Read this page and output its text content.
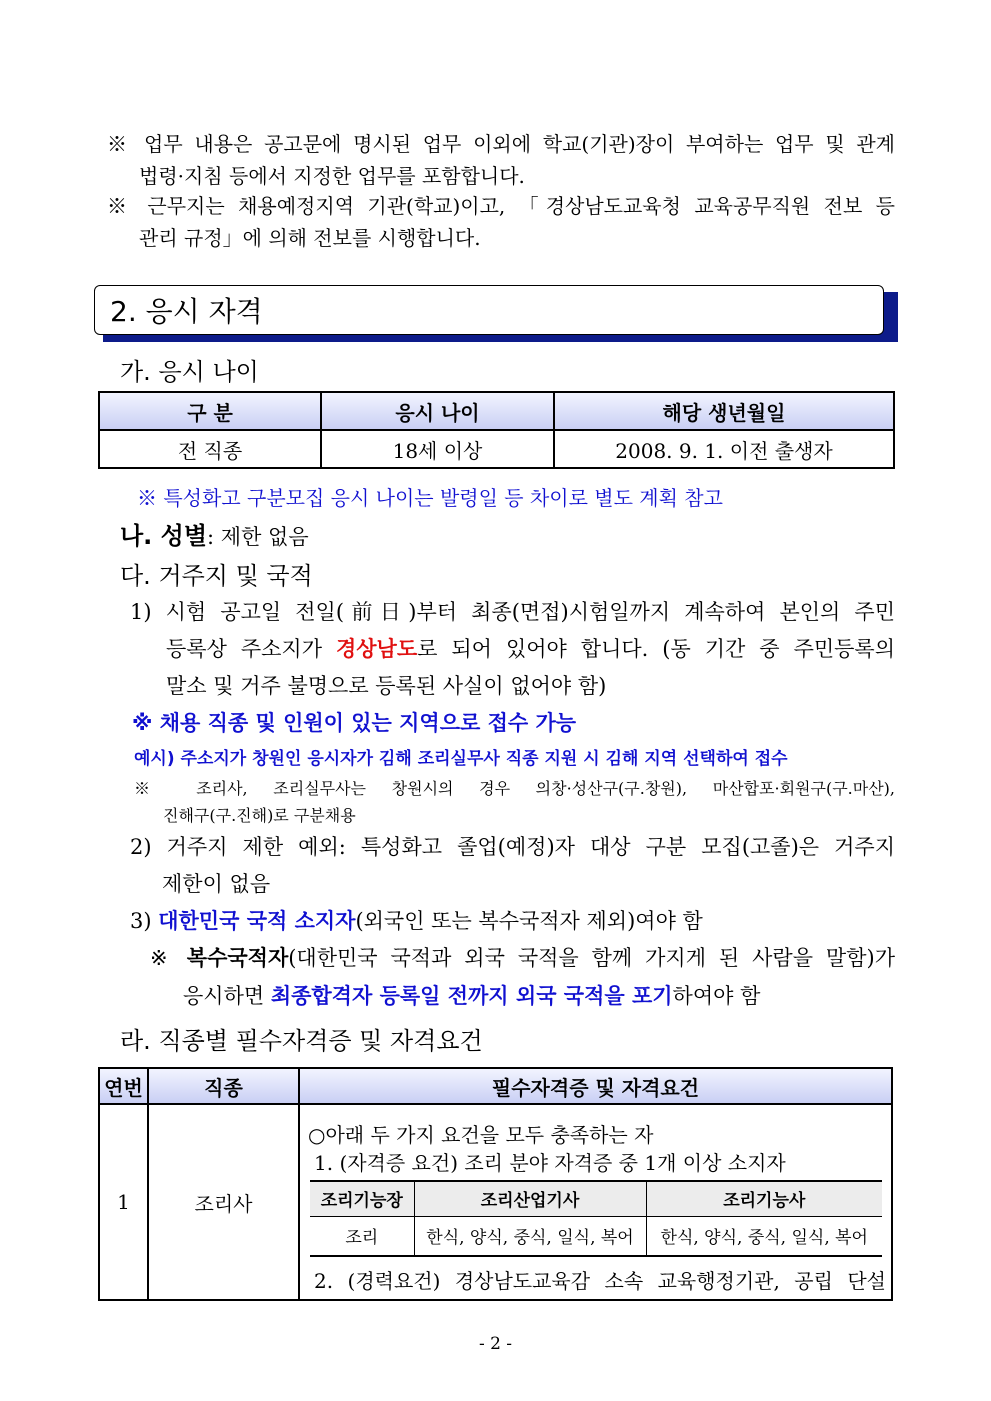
※ 업무 내용은 공고문에 명시된 업무 이외에 학교(기관)장이 부여하는 업무 및 관계
법령·지침 등에서 지정한 업무를 포함합니다.
※ 근무지는 채용예정지역 기관(학교)이고, 「경상남도교육청 교육공무직원 전보 등
관리 규정」에 의해 전보를 시행합니다.
2. 응시 자격
가. 응시 나이
구 분	응시 나이	해당 생년월일
전 직종	18세 이상	2008. 9. 1. 이전 출생자
※ 특성화고 구분모집 응시 나이는 발령일 등 차이로 별도 계획 참고
나. 성별: 제한 없음
다. 거주지 및 국적
1) 시험 공고일 전일(前日)부터 최종(면접)시험일까지 계속하여 본인의 주민
등록상 주소지가 경상남도로 되어 있어야 합니다. (동 기간 중 주민등록의
말소 및 거주 불명으로 등록된 사실이 없어야 함)
※ 채용 직종 및 인원이 있는 지역으로 접수 가능
예시) 주소지가 창원인 응시자가 김해 조리실무사 직종 지원 시 김해 지역 선택하여 접수
※ 조리사, 조리실무사는 창원시의 경우 의창·성산구(구.창원), 마산합포·회원구(구.마산),
진해구(구.진해)로 구분채용
2) 거주지 제한 예외: 특성화고 졸업(예정)자 대상 구분 모집(고졸)은 거주지
제한이 없음
3) 대한민국 국적 소지자(외국인 또는 복수국적자 제외)여야 함
※ 복수국적자(대한민국 국적과 외국 국적을 함께 가지게 된 사람을 말함)가
응시하면 최종합격자 등록일 전까지 외국 국적을 포기하여야 함
라. 직종별 필수자격증 및 자격요건
연번	직종	필수자격증 및 자격요건
1	조리사	
○아래 두 가지 요건을 모두 충족하는 자
1. (자격증 요건) 조리 분야 자격증 중 1개 이상 소지자
조리기능장	조리산업기사	조리기능사
조리	한식, 양식, 중식, 일식, 복어	한식, 양식, 중식, 일식, 복어
2. (경력요건) 경상남도교육감 소속 교육행정기관, 공립 단설
- 2 -
